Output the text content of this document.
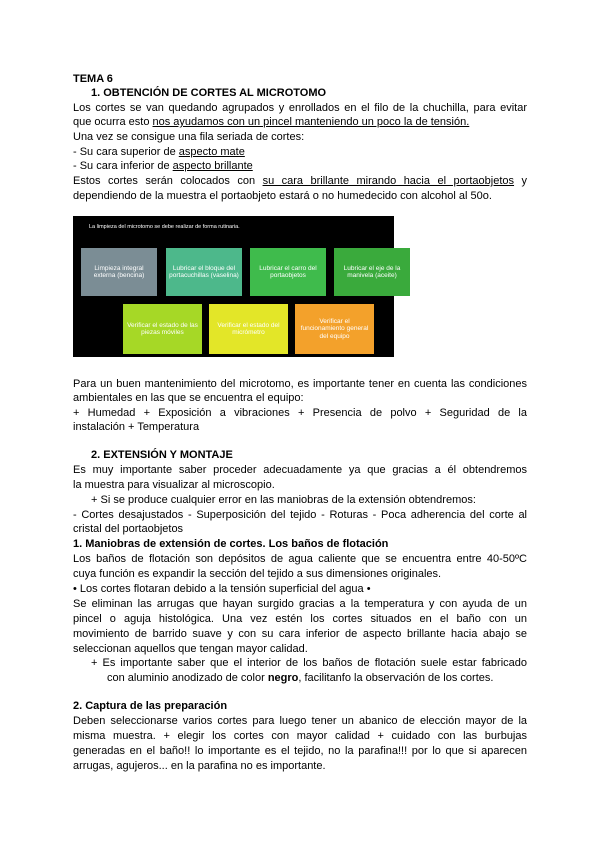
TEMA 6
1. OBTENCIÓN DE CORTES AL MICROTOMO
Los cortes se van quedando agrupados y enrollados en el filo de la chuchilla, para evitar
que ocurra esto nos ayudamos con un pincel manteniendo un poco la de tensión.
Una vez se consigue una fila seriada de cortes:
- Su cara superior de aspecto mate
- Su cara inferior de aspecto brillante
Estos cortes serán colocados con su cara brillante mirando hacia el portaobjetos y
dependiendo de la muestra el portaobjeto estará o no humedecido con alcohol al 50o.
La limpieza del microtomo se debe realizar de forma rutinaria.
Limpieza integral externa (bencina)
Lubricar el bloque del portacuchillas (vaselina)
Lubricar el carro del portaobjetos
Lubricar el eje de la manivela (aceite)
Verificar el estado de las piezas móviles
Verificar el estado del micrómetro
Verificar el funcionamiento general del equipo
Para un buen mantenimiento del microtomo, es importante tener en cuenta las condiciones
ambientales en las que se encuentra el equipo:
+ Humedad + Exposición a vibraciones + Presencia de polvo + Seguridad de la
instalación + Temperatura
2. EXTENSIÓN Y MONTAJE
Es muy importante saber proceder adecuadamente ya que gracias a él obtendremos
la muestra para visualizar al microscopio.
+ Si se produce cualquier error en las maniobras de la extensión obtendremos:
- Cortes desajustados - Superposición del tejido - Roturas - Poca adherencia del corte al
cristal del portaobjetos
1. Maniobras de extensión de cortes. Los baños de flotación
Los baños de flotación son depósitos de agua caliente que se encuentra entre 40-50ºC
cuya función es expandir la sección del tejido a sus dimensiones originales.
• Los cortes flotaran debido a la tensión superficial del agua •
Se eliminan las arrugas que hayan surgido gracias a la temperatura y con ayuda de un
pincel o aguja histológica. Una vez estén los cortes situados en el baño con un
movimiento de barrido suave y con su cara inferior de aspecto brillante hacia abajo se
seleccionan aquellos que tengan mayor calidad.
+ Es importante saber que el interior de los baños de flotación suele estar fabricado
con aluminio anodizado de color negro, facilitanfo la observación de los cortes.
2. Captura de las preparación
Deben seleccionarse varios cortes para luego tener un abanico de elección mayor de la
misma muestra. + elegir los cortes con mayor calidad + cuidado con las burbujas
generadas en el baño!! lo importante es el tejido, no la parafina!!! por lo que si aparecen
arrugas, agujeros... en la parafina no es importante.
